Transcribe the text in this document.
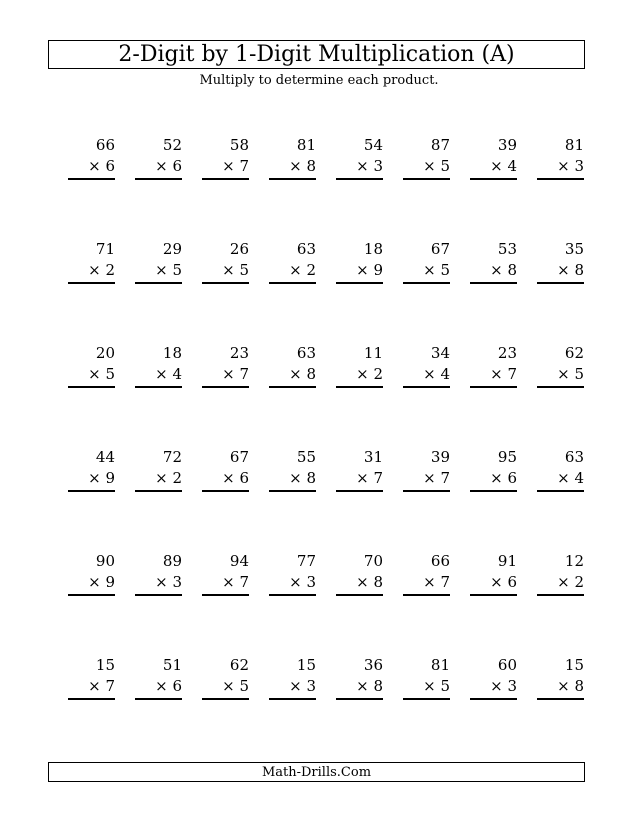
2-Digit by 1-Digit Multiplication (A)
Multiply to determine each product.
66
× 6
52
× 6
58
× 7
81
× 8
54
× 3
87
× 5
39
× 4
81
× 3
71
× 2
29
× 5
26
× 5
63
× 2
18
× 9
67
× 5
53
× 8
35
× 8
20
× 5
18
× 4
23
× 7
63
× 8
11
× 2
34
× 4
23
× 7
62
× 5
44
× 9
72
× 2
67
× 6
55
× 8
31
× 7
39
× 7
95
× 6
63
× 4
90
× 9
89
× 3
94
× 7
77
× 3
70
× 8
66
× 7
91
× 6
12
× 2
15
× 7
51
× 6
62
× 5
15
× 3
36
× 8
81
× 5
60
× 3
15
× 8
Math-Drills.Com
